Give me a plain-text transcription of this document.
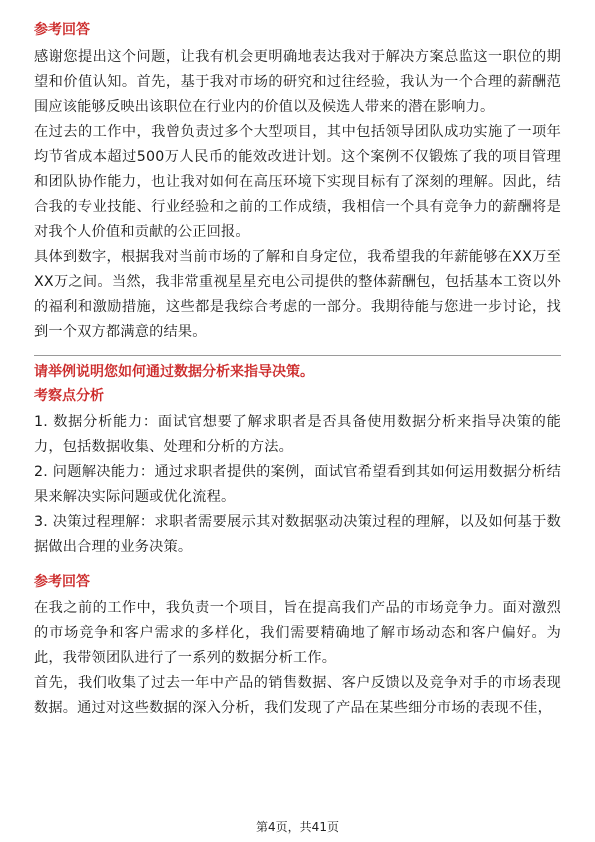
参考回答

感谢您提出这个问题，让我有机会更明确地表达我对于解决方案总监这一职位的期望和价值认知。首先，基于我对市场的研究和过往经验，我认为一个合理的薪酬范围应该能够反映出该职位在行业内的价值以及候选人带来的潜在影响力。

在过去的工作中，我曾负责过多个大型项目，其中包括领导团队成功实施了一项年均节省成本超过500万人民币的能效改进计划。这个案例不仅锻炼了我的项目管理和团队协作能力，也让我对如何在高压环境下实现目标有了深刻的理解。因此，结合我的专业技能、行业经验和之前的工作成绩，我相信一个具有竞争力的薪酬将是对我个人价值和贡献的公正回报。

具体到数字，根据我对当前市场的了解和自身定位，我希望我的年薪能够在XX万至XX万之间。当然，我非常重视星星充电公司提供的整体薪酬包，包括基本工资以外的福利和激励措施，这些都是我综合考虑的一部分。我期待能与您进一步讨论，找到一个双方都满意的结果。

请举例说明您如何通过数据分析来指导决策。

考察点分析

1. 数据分析能力：面试官想要了解求职者是否具备使用数据分析来指导决策的能力，包括数据收集、处理和分析的方法。

2. 问题解决能力：通过求职者提供的案例，面试官希望看到其如何运用数据分析结果来解决实际问题或优化流程。

3. 决策过程理解：求职者需要展示其对数据驱动决策过程的理解，以及如何基于数据做出合理的业务决策。

参考回答

在我之前的工作中，我负责一个项目，旨在提高我们产品的市场竞争力。面对激烈的市场竞争和客户需求的多样化，我们需要精确地了解市场动态和客户偏好。为此，我带领团队进行了一系列的数据分析工作。

首先，我们收集了过去一年中产品的销售数据、客户反馈以及竞争对手的市场表现数据。通过对这些数据的深入分析，我们发现了产品在某些细分市场的表现不佳，

第4页，共41页
